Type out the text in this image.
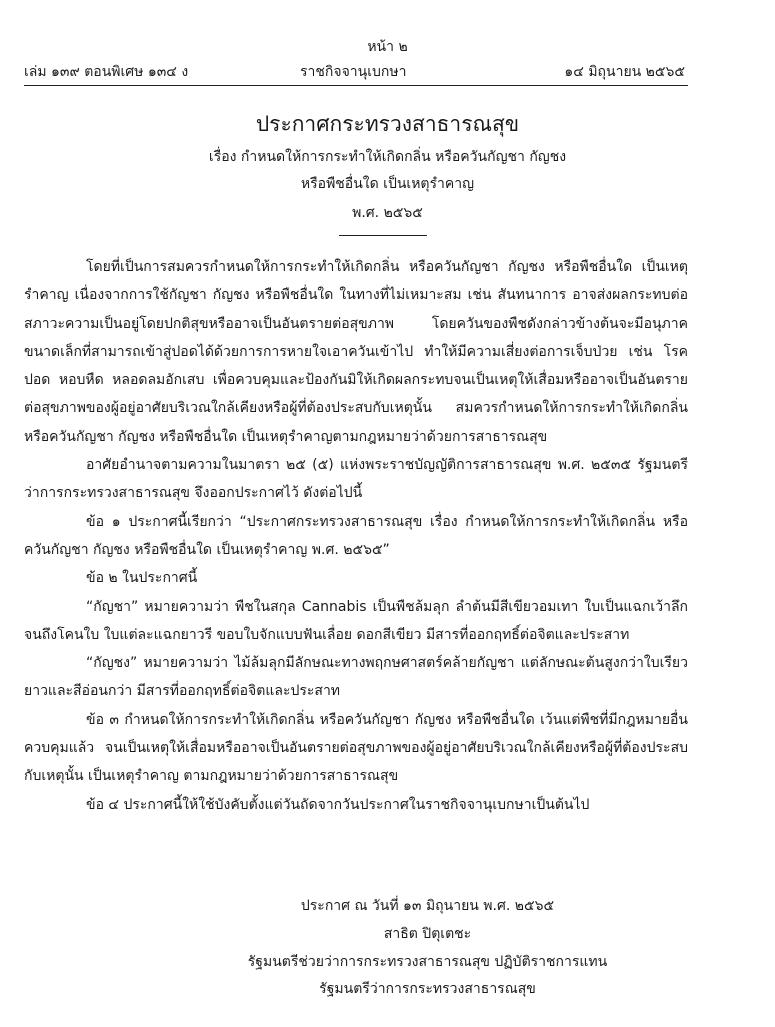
หน้า ๒
เล่ม ๑๓๙ ตอนพิเศษ ๑๓๔ ง	ราชกิจจานุเบกษา	๑๔ มิถุนายน ๒๕๖๕
ประกาศกระทรวงสาธารณสุข
เรื่อง กำหนดให้การกระทำให้เกิดกลิ่น หรือควันกัญชา กัญชง
หรือพืชอื่นใด เป็นเหตุรำคาญ
พ.ศ. ๒๕๖๕

โดยที่เป็นการสมควรกำหนดให้การกระทำให้เกิดกลิ่น หรือควันกัญชา กัญชง หรือพืชอื่นใด เป็นเหตุรำคาญ เนื่องจากการใช้กัญชา กัญชง หรือพืชอื่นใด ในทางที่ไม่เหมาะสม เช่น สันทนาการ อาจส่งผลกระทบต่อสภาวะความเป็นอยู่โดยปกติสุขหรืออาจเป็นอันตรายต่อสุขภาพ โดยควันของพืชดังกล่าวข้างต้นจะมีอนุภาคขนาดเล็กที่สามารถเข้าสู่ปอดได้ด้วยการการหายใจเอาควันเข้าไป ทำให้มีความเสี่ยงต่อการเจ็บป่วย เช่น โรคปอด หอบหืด หลอดลมอักเสบ เพื่อควบคุมและป้องกันมิให้เกิดผลกระทบจนเป็นเหตุให้เสื่อมหรืออาจเป็นอันตรายต่อสุขภาพของผู้อยู่อาศัยบริเวณใกล้เคียงหรือผู้ที่ต้องประสบกับเหตุนั้น สมควรกำหนดให้การกระทำให้เกิดกลิ่น หรือควันกัญชา กัญชง หรือพืชอื่นใด เป็นเหตุรำคาญตามกฎหมายว่าด้วยการสาธารณสุข

อาศัยอำนาจตามความในมาตรา ๒๕ (๕) แห่งพระราชบัญญัติการสาธารณสุข พ.ศ. ๒๕๓๕ รัฐมนตรีว่าการกระทรวงสาธารณสุข จึงออกประกาศไว้ ดังต่อไปนี้

ข้อ ๑ ประกาศนี้เรียกว่า “ประกาศกระทรวงสาธารณสุข เรื่อง กำหนดให้การกระทำให้เกิดกลิ่น หรือควันกัญชา กัญชง หรือพืชอื่นใด เป็นเหตุรำคาญ พ.ศ. ๒๕๖๕”

ข้อ ๒ ในประกาศนี้

“กัญชา” หมายความว่า พืชในสกุล Cannabis เป็นพืชล้มลุก ลำต้นมีสีเขียวอมเทา ใบเป็นแฉกเว้าลึกจนถึงโคนใบ ใบแต่ละแฉกยาวรี ขอบใบจักแบบฟันเลื่อย ดอกสีเขียว มีสารที่ออกฤทธิ์ต่อจิตและประสาท

“กัญชง” หมายความว่า ไม้ล้มลุกมีลักษณะทางพฤกษศาสตร์คล้ายกัญชา แต่ลักษณะต้นสูงกว่าใบเรียวยาวและสีอ่อนกว่า มีสารที่ออกฤทธิ์ต่อจิตและประสาท

ข้อ ๓ กำหนดให้การกระทำให้เกิดกลิ่น หรือควันกัญชา กัญชง หรือพืชอื่นใด เว้นแต่พืชที่มีกฎหมายอื่นควบคุมแล้ว จนเป็นเหตุให้เสื่อมหรืออาจเป็นอันตรายต่อสุขภาพของผู้อยู่อาศัยบริเวณใกล้เคียงหรือผู้ที่ต้องประสบกับเหตุนั้น เป็นเหตุรำคาญ ตามกฎหมายว่าด้วยการสาธารณสุข

ข้อ ๔ ประกาศนี้ให้ใช้บังคับตั้งแต่วันถัดจากวันประกาศในราชกิจจานุเบกษาเป็นต้นไป

ประกาศ ณ วันที่ ๑๓ มิถุนายน พ.ศ. ๒๕๖๕
สาธิต ปิตุเตชะ
รัฐมนตรีช่วยว่าการกระทรวงสาธารณสุข ปฏิบัติราชการแทน
รัฐมนตรีว่าการกระทรวงสาธารณสุข
